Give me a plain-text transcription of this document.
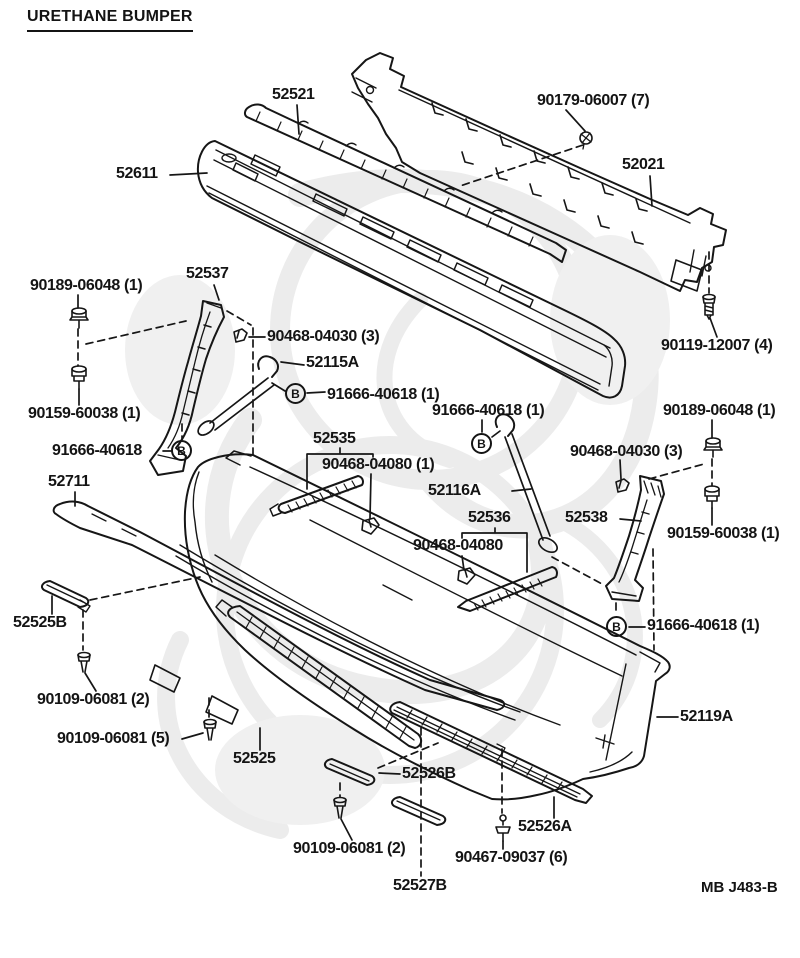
URETHANE BUMPER
B
B
B
B
MB J483-B
52521	90179-06007 (7)
52611
52021
90189-06048 (1)
52537
90468-04030 (3)
90119-12007 (4)
52115A
91666-40618 (1)
90159-60038 (1)	91666-40618 (1)	90189-06048 (1)
91666-40618
52535
90468-04080 (1)
90468-04030 (3)
52711
52116A
52536	52538
90159-60038 (1)
90468-04080
52525B	91666-40618 (1)
90109-06081 (2)
52119A
90109-06081 (5)
52525
52526B
90109-06081 (2)
52526A
90467-09037 (6)
52527B
